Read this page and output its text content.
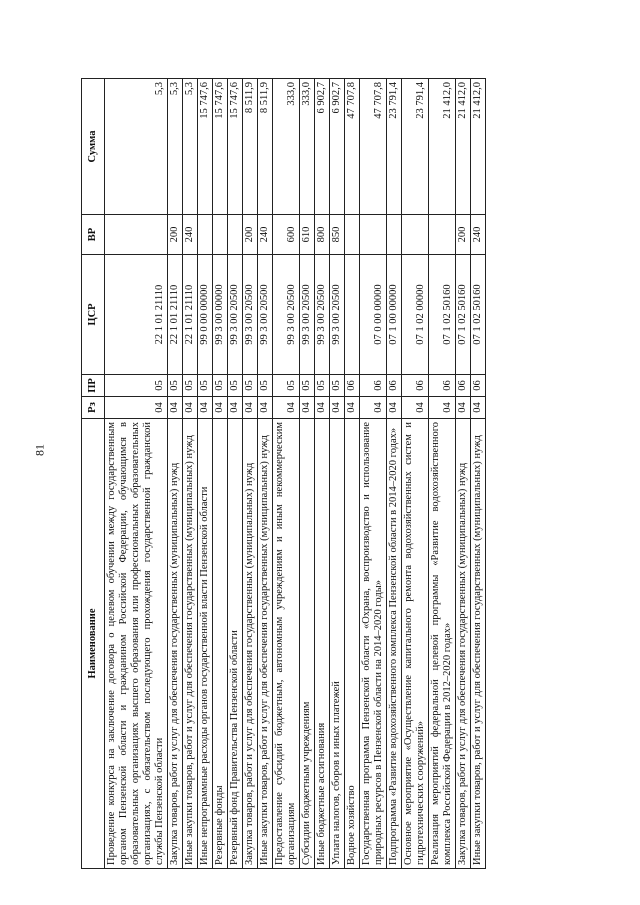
81
Наименование	Рз	ПР	ЦСР	ВР	Сумма
Проведение конкурса на заключение договора о целевом обучении между государственным органом Пензенской области и гражданином Российской Федерации, обучающимся в образовательных организациях высшего образования или профессиональных образовательных организациях, с обязательством последующего прохождения государственной гражданской службы Пензенской области	04	05	22 1 01 21110		5,3
Закупка товаров, работ и услуг для обеспечения государственных (муниципальных) нужд	04	05	22 1 01 21110	200	5,3
Иные закупки товаров, работ и услуг для обеспечения государственных (муниципальных) нужд	04	05	22 1 01 21110	240	5,3
Иные непрограммные расходы органов государственной власти Пензенской области	04	05	99 0 00 00000		15 747,6
Резервные фонды	04	05	99 3 00 00000		15 747,6
Резервный фонд Правительства Пензенской области	04	05	99 3 00 20500		15 747,6
Закупка товаров, работ и услуг для обеспечения государственных (муниципальных) нужд	04	05	99 3 00 20500	200	8 511,9
Иные закупки товаров, работ и услуг для обеспечения государственных (муниципальных) нужд	04	05	99 3 00 20500	240	8 511,9
Предоставление субсидий бюджетным, автономным учреждениям и иным некоммерческим организациям	04	05	99 3 00 20500	600	333,0
Субсидии бюджетным учреждениям	04	05	99 3 00 20500	610	333,0
Иные бюджетные ассигнования	04	05	99 3 00 20500	800	6 902,7
Уплата налогов, сборов и иных платежей	04	05	99 3 00 20500	850	6 902,7
Водное хозяйство	04	06			47 707,8
Государственная программа Пензенской области «Охрана, воспроизводство и использование природных ресурсов в Пензенской области на 2014–2020 годы»	04	06	07 0 00 00000		47 707,8
Подпрограмма «Развитие водохозяйственного комплекса Пензенской области в 2014–2020 годах»	04	06	07 1 00 00000		23 791,4
Основное мероприятие «Осуществление капитального ремонта водохозяйственных систем и гидротехнических сооружений»	04	06	07 1 02 00000		23 791,4
Реализация мероприятий федеральной целевой программы «Развитие водохозяйственного комплекса Российской Федерации в 2012–2020 годах»	04	06	07 1 02 50160		21 412,0
Закупка товаров, работ и услуг для обеспечения государственных (муниципальных) нужд	04	06	07 1 02 50160	200	21 412,0
Иные закупки товаров, работ и услуг для обеспечения государственных (муниципальных) нужд	04	06	07 1 02 50160	240	21 412,0
